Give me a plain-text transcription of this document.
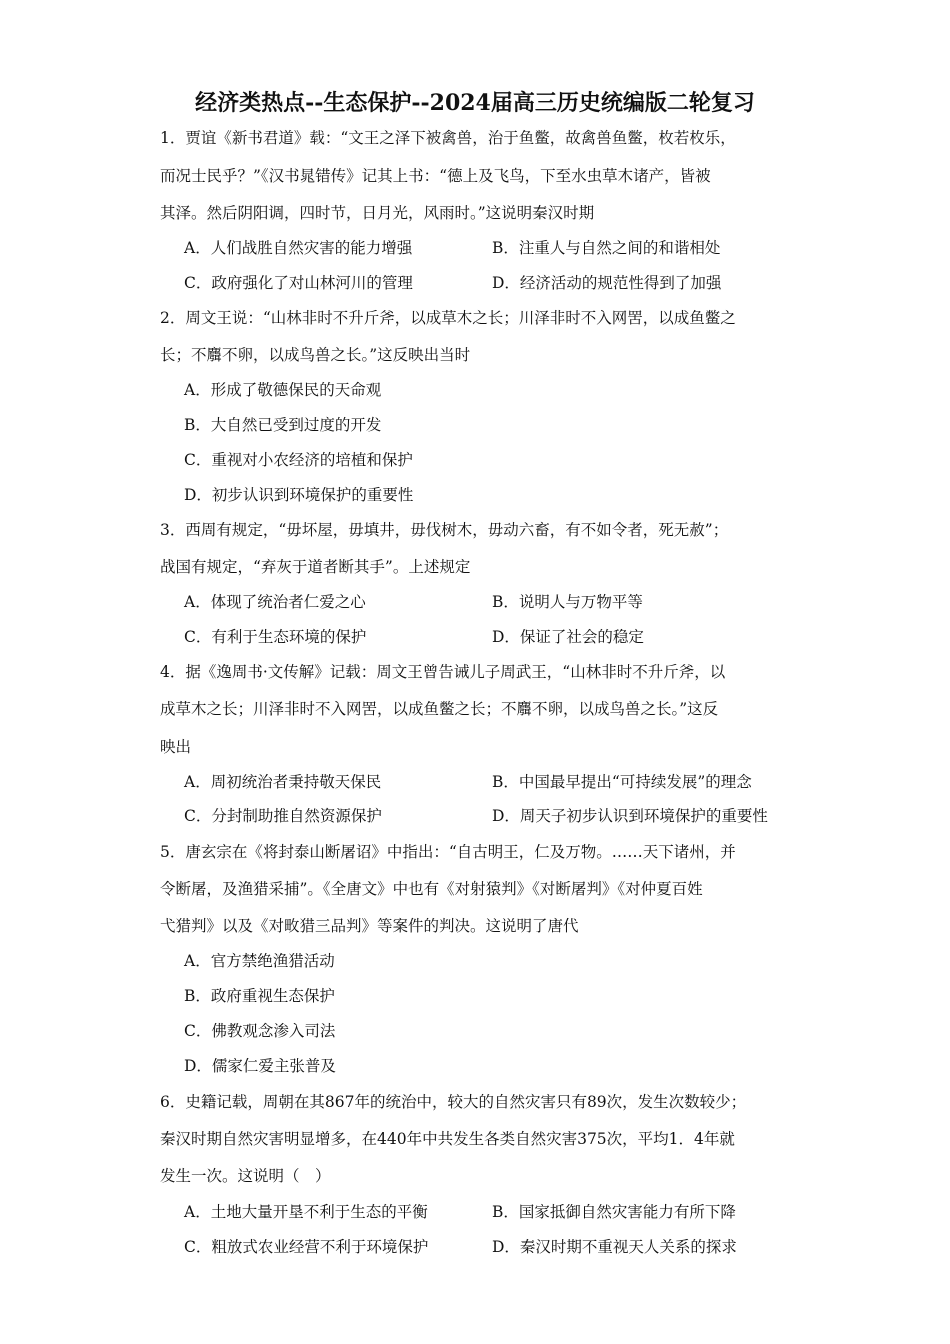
经济类热点--生态保护--2024届高三历史统编版二轮复习
1．贾谊《新书君道》载：“文王之泽下被禽兽，治于鱼鳖，故禽兽鱼鳖，枚若枚乐，
而况士民乎？”《汉书晁错传》记其上书：“德上及飞鸟，下至水虫草木诸产，皆被
其泽。然后阴阳调，四时节，日月光，风雨时。”这说明秦汉时期
A．人们战胜自然灾害的能力增强	B．注重人与自然之间的和谐相处
C．政府强化了对山林河川的管理	D．经济活动的规范性得到了加强
2．周文王说：“山林非时不升斤斧，以成草木之长；川泽非时不入网罟，以成鱼鳖之
长；不麛不卵，以成鸟兽之长。”这反映出当时
A．形成了敬德保民的天命观
B．大自然已受到过度的开发
C．重视对小农经济的培植和保护
D．初步认识到环境保护的重要性
3．西周有规定，“毋坏屋，毋填井，毋伐树木，毋动六畜，有不如令者，死无赦”；
战国有规定，“弃灰于道者断其手”。上述规定
A．体现了统治者仁爱之心	B．说明人与万物平等
C．有利于生态环境的保护	D．保证了社会的稳定
4．据《逸周书·文传解》记载：周文王曾告诫儿子周武王，“山林非时不升斤斧，以
成草木之长；川泽非时不入网罟，以成鱼鳖之长；不麛不卵，以成鸟兽之长。”这反
映出
A．周初统治者秉持敬天保民	B．中国最早提出“可持续发展”的理念
C．分封制助推自然资源保护	D．周天子初步认识到环境保护的重要性
5．唐玄宗在《将封泰山断屠诏》中指出：“自古明王，仁及万物。……天下诸州，并
令断屠，及渔猎采捕”。《全唐文》中也有《对射猿判》《对断屠判》《对仲夏百姓
弋猎判》以及《对畋猎三品判》等案件的判决。这说明了唐代
A．官方禁绝渔猎活动
B．政府重视生态保护
C．佛教观念渗入司法
D．儒家仁爱主张普及
6．史籍记载，周朝在其867年的统治中，较大的自然灾害只有89次，发生次数较少；
秦汉时期自然灾害明显增多，在440年中共发生各类自然灾害375次，平均1．4年就
发生一次。这说明（　）
A．土地大量开垦不利于生态的平衡	B．国家抵御自然灾害能力有所下降
C．粗放式农业经营不利于环境保护	D．秦汉时期不重视天人关系的探求
